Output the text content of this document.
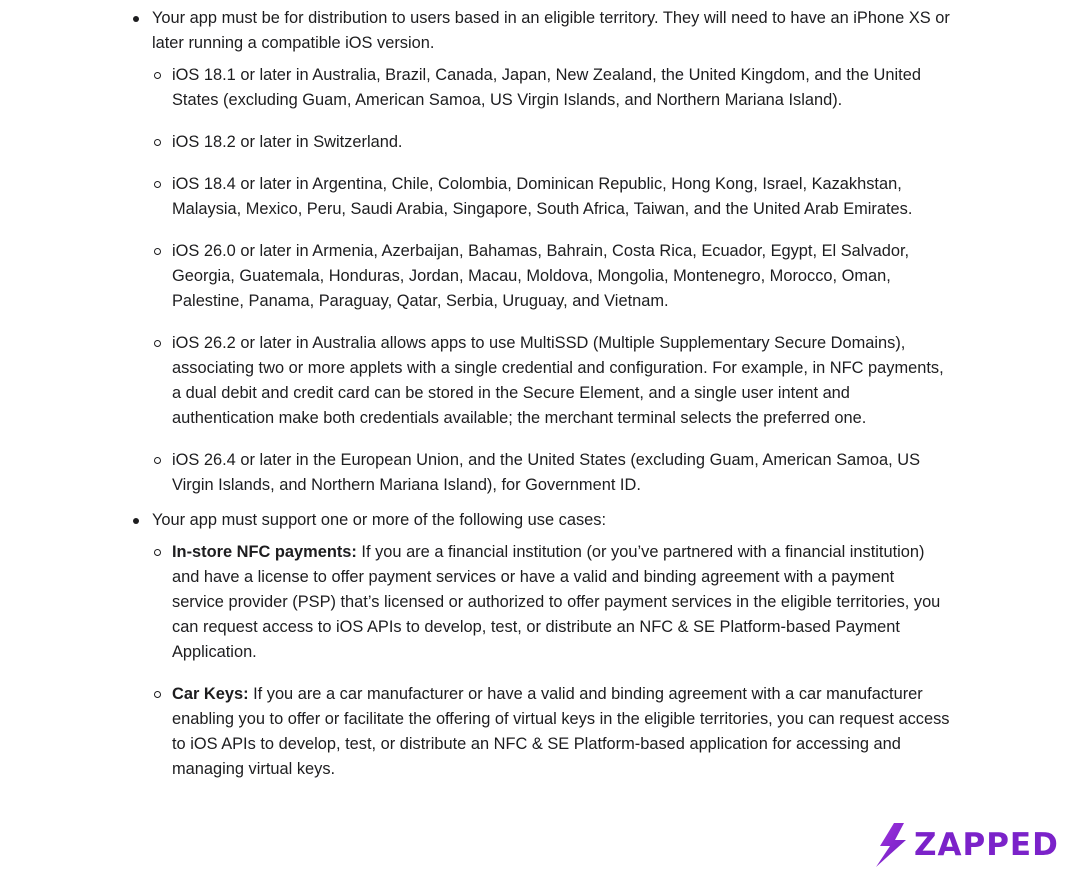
Your app must be for distribution to users based in an eligible territory. They will need to have an iPhone XS or later running a compatible iOS version.
iOS 18.1 or later in Australia, Brazil, Canada, Japan, New Zealand, the United Kingdom, and the United States (excluding Guam, American Samoa, US Virgin Islands, and Northern Mariana Island).
iOS 18.2 or later in Switzerland.
iOS 18.4 or later in Argentina, Chile, Colombia, Dominican Republic, Hong Kong, Israel, Kazakhstan, Malaysia, Mexico, Peru, Saudi Arabia, Singapore, South Africa, Taiwan, and the United Arab Emirates.
iOS 26.0 or later in Armenia, Azerbaijan, Bahamas, Bahrain, Costa Rica, Ecuador, Egypt, El Salvador, Georgia, Guatemala, Honduras, Jordan, Macau, Moldova, Mongolia, Montenegro, Morocco, Oman, Palestine, Panama, Paraguay, Qatar, Serbia, Uruguay, and Vietnam.
iOS 26.2 or later in Australia allows apps to use MultiSSD (Multiple Supplementary Secure Domains), associating two or more applets with a single credential and configuration. For example, in NFC payments, a dual debit and credit card can be stored in the Secure Element, and a single user intent and authentication make both credentials available; the merchant terminal selects the preferred one.
iOS 26.4 or later in the European Union, and the United States (excluding Guam, American Samoa, US Virgin Islands, and Northern Mariana Island), for Government ID.
Your app must support one or more of the following use cases:
In-store NFC payments: If you are a financial institution (or you’ve partnered with a financial institution) and have a license to offer payment services or have a valid and binding agreement with a payment service provider (PSP) that’s licensed or authorized to offer payment services in the eligible territories, you can request access to iOS APIs to develop, test, or distribute an NFC & SE Platform-based Payment Application.
Car Keys: If you are a car manufacturer or have a valid and binding agreement with a car manufacturer enabling you to offer or facilitate the offering of virtual keys in the eligible territories, you can request access to iOS APIs to develop, test, or distribute an NFC & SE Platform-based application for accessing and managing virtual keys.
ZAPPED
